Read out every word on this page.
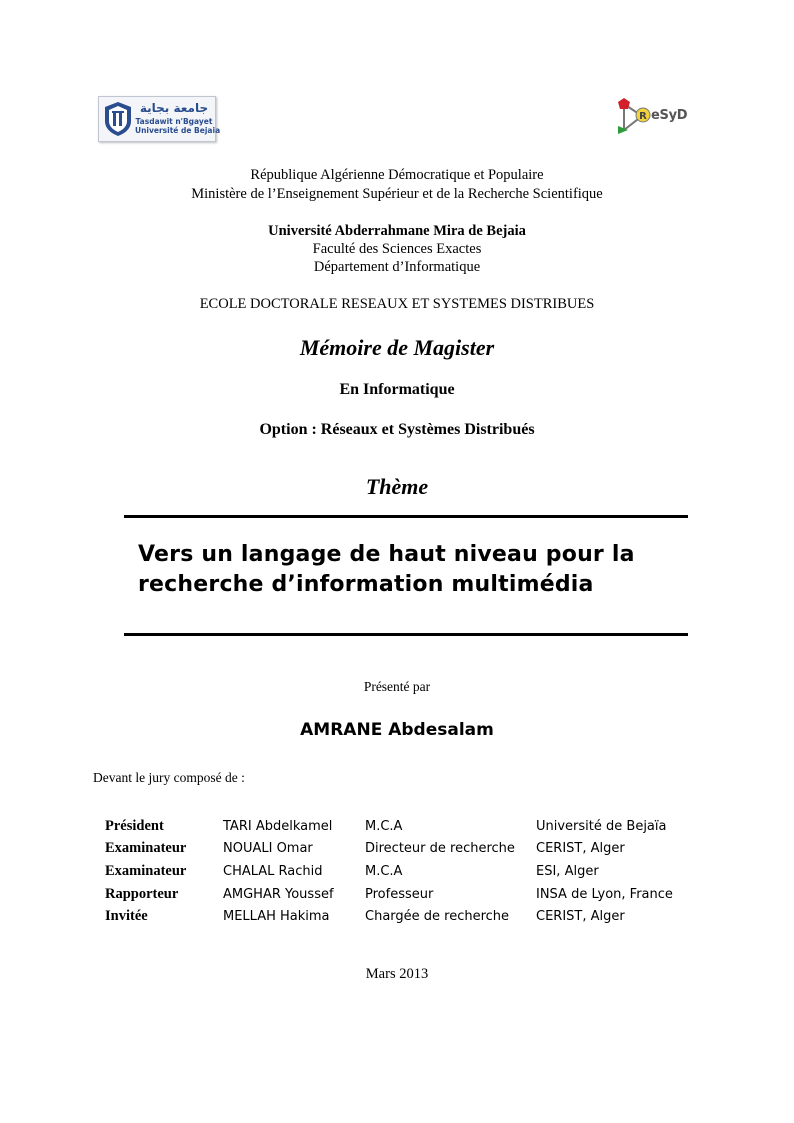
جامعة بجاية
Tasdawit n'Bgayet
Université de Bejaia
R eSyD
République Algérienne Démocratique et Populaire
Ministère de l’Enseignement Supérieur et de la Recherche Scientifique
Université Abderrahmane Mira de Bejaia
Faculté des Sciences Exactes
Département d’Informatique
ECOLE DOCTORALE RESEAUX ET SYSTEMES DISTRIBUES
Mémoire de Magister
En Informatique
Option : Réseaux et Systèmes Distribués
Thème
Vers un langage de haut niveau pour la
recherche d’information multimédia
Présenté par
AMRANE Abdesalam
Devant le jury composé de :
Président	TARI Abdelkamel	M.C.A	Université de Bejaïa
Examinateur	NOUALI Omar	Directeur de recherche	CERIST, Alger
Examinateur	CHALAL Rachid	M.C.A	ESI, Alger
Rapporteur	AMGHAR Youssef	Professeur	INSA de Lyon, France
Invitée	MELLAH Hakima	Chargée de recherche	CERIST, Alger
Mars 2013
